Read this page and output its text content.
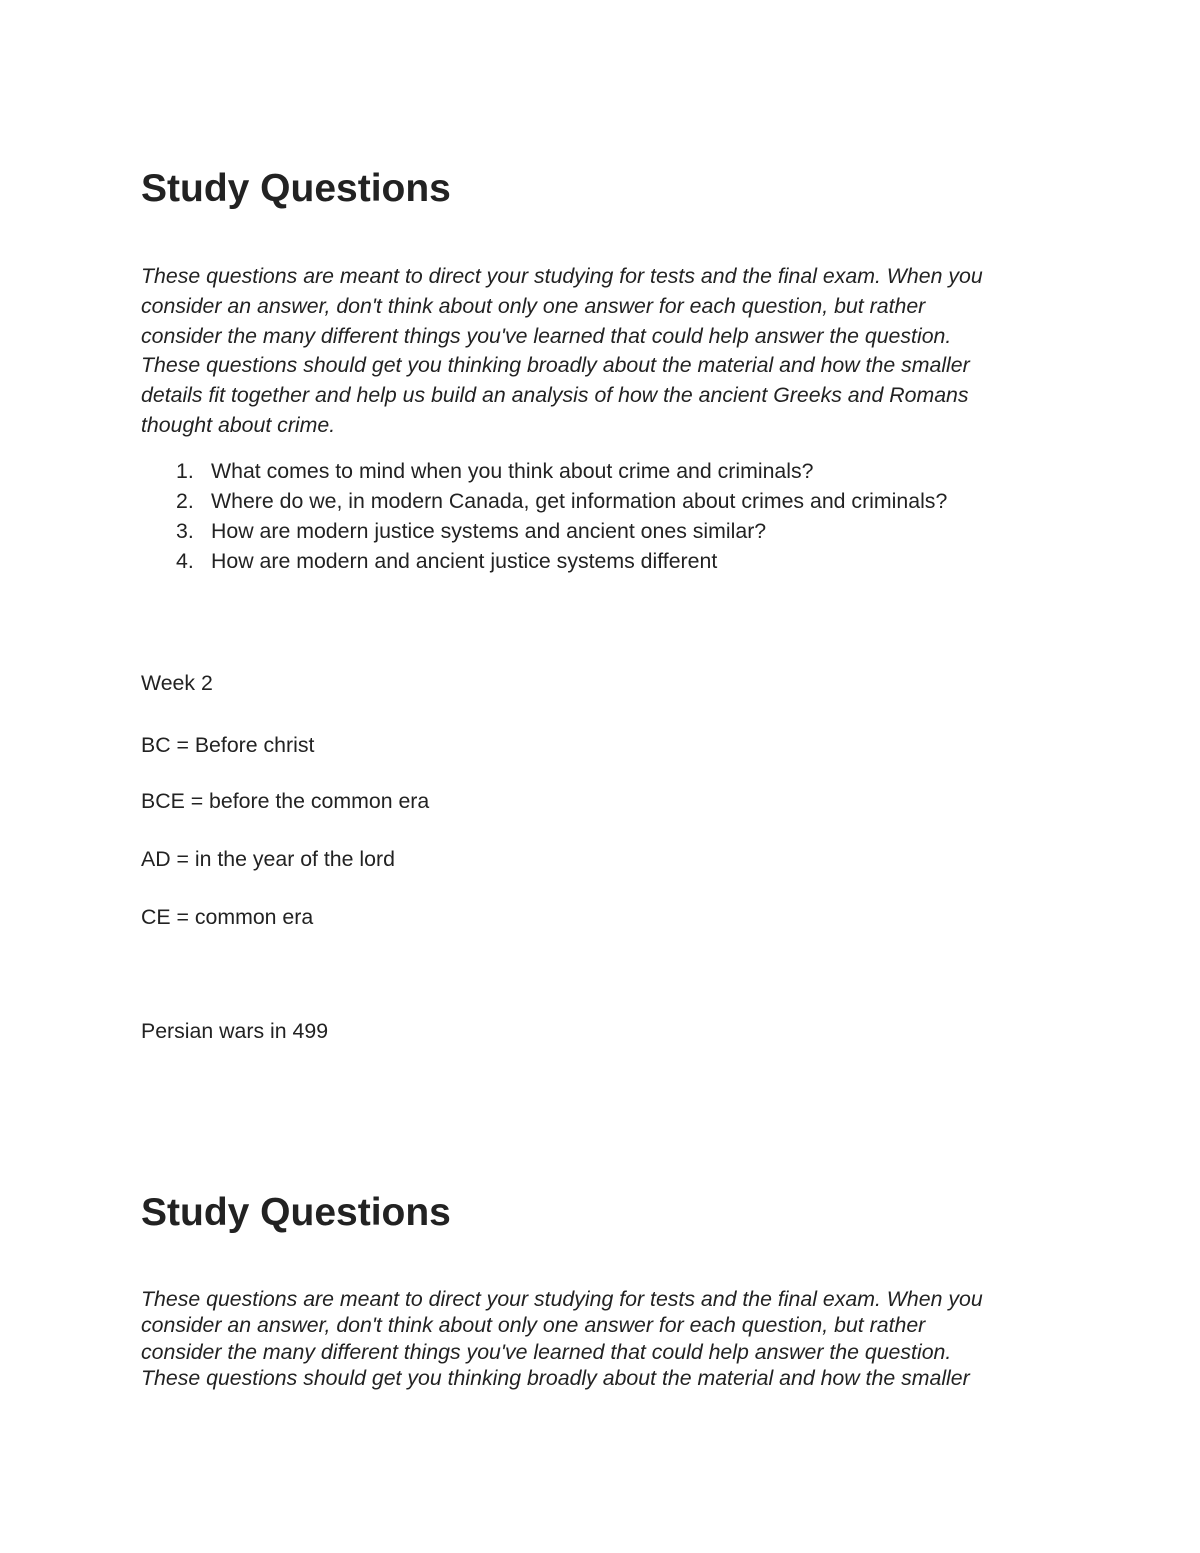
Study Questions

These questions are meant to direct your studying for tests and the final exam. When you
consider an answer, don't think about only one answer for each question, but rather
consider the many different things you've learned that could help answer the question.
These questions should get you thinking broadly about the material and how the smaller
details fit together and help us build an analysis of how the ancient Greeks and Romans
thought about crime.

1. What comes to mind when you think about crime and criminals?
2. Where do we, in modern Canada, get information about crimes and criminals?
3. How are modern justice systems and ancient ones similar?
4. How are modern and ancient justice systems different

Week 2

BC = Before christ

BCE = before the common era

AD = in the year of the lord

CE = common era

Persian wars in 499

Study Questions

These questions are meant to direct your studying for tests and the final exam. When you
consider an answer, don't think about only one answer for each question, but rather
consider the many different things you've learned that could help answer the question.
These questions should get you thinking broadly about the material and how the smaller
